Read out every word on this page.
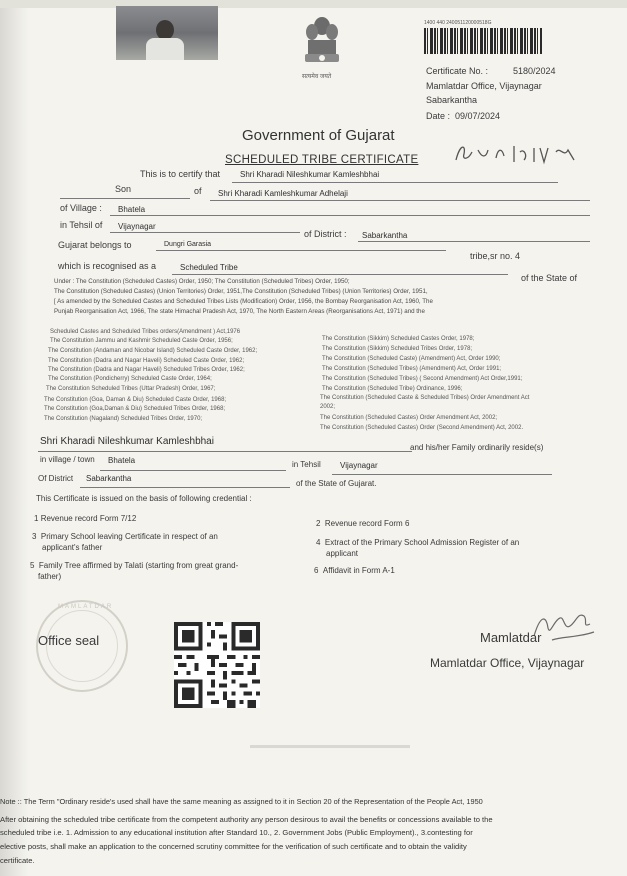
सत्यमेव जयते
1400 440 240051120000518G
Certificate No. :	5180/2024
Mamlatdar Office, Vijaynagar
Sabarkantha
Date : 09/07/2024
Rs No 134 4th
Government of Gujarat
SCHEDULED TRIBE CERTIFICATE
This is to certify that Shri Kharadi Nileshkumar Kamleshbhai
Son	of Shri Kharadi Kamleshkumar Adhelaji
of Village : Bhatela
in Tehsil of Vijaynagar
of District : Sabarkantha
Gujarat belongs to	Dungri Garasia
tribe,sr no. 4
which is recognised as a	Scheduled Tribe
of the State of
Under : The Constitution (Scheduled Castes) Order, 1950; The Constitution (Scheduled Tribes) Order, 1950;
The Constitution (Scheduled Castes) (Union Territories) Order, 1951,The Constitution (Scheduled Tribes) (Union Territories) Order, 1951,
[ As amended by the Scheduled Castes and Scheduled Tribes Lists (Modification) Order, 1956, the Bombay Reorganisation Act, 1960, The
Punjab Reorganisation Act, 1966, The state Himachal Pradesh Act, 1970, The North Eastern Areas (Reorganisations Act, 1971) and the
Scheduled Castes and Scheduled Tribes orders(Amendment ) Act,1976
The Constitution Jammu and Kashmir Scheduled Caste Order, 1956;
The Constitution (Andaman and Nicobar Island) Scheduled Caste Order, 1962;
The Constitution (Dadra and Nagar Haveli) Scheduled Caste Order, 1962;
The Constitution (Dadra and Nagar Haveli) Scheduled Tribes Order, 1962;
The Constitution (Pondicherry) Scheduled Caste Order, 1964;
The Constitution Scheduled Tribes (Uttar Pradesh) Order, 1967;
The Constitution (Goa, Daman & Diu) Scheduled Caste Order, 1968;
The Constitution (Goa,Daman & Diu) Scheduled Tribes Order, 1968;
The Constitution (Nagaland) Scheduled Tribes Order, 1970;
The Constitution (Sikkim) Scheduled Castes Order, 1978;
The Constitution (Sikkim) Scheduled Tribes Order, 1978;
The Constitution (Scheduled Caste) (Amendment) Act, Order 1990;
The Constitution (Scheduled Tribes) (Amendment) Act, Order 1991;
The Constitution (Scheduled Tribes) ( Second Amendment) Act Order,1991;
The Constitution (Scheduled Tribe) Ordinance, 1996;
The Constitution (Scheduled Caste & Scheduled Tribes) Order Amendment Act
2002;
The Constitution (Scheduled Castes) Order Amendment Act, 2002;
The Constitution (Scheduled Castes) Order (Second Amendment) Act, 2002.
Shri Kharadi Nileshkumar Kamleshbhai
and his/her Family ordinarily reside(s)
in village / town Bhatela	in Tehsil Vijaynagar
Of District Sabarkantha
of the State of Gujarat.
This Certificate is issued on the basis of following credential :
1 Revenue record Form 7/12
2 Revenue record Form 6
3 Primary School leaving Certificate in respect of an
applicant's father
4 Extract of the Primary School Admission Register of an
applicant
5 Family Tree affirmed by Talati (starting from great grand-
father)
6 Affidavit in Form A-1
MAMLATDAR
Office seal	Mamlatdar
Mamlatdar Office, Vijaynagar
Note :: The Term "Ordinary reside's used shall have the same meaning as assigned to it in Section 20 of the Representation of the People Act, 1950
After obtaining the scheduled tribe certificate from the competent authority any person desirous to avail the benefits or concessions available to the
scheduled tribe i.e. 1. Admission to any educational institution after Standard 10., 2. Government Jobs (Public Employment)., 3.contesting for
elective posts, shall make an application to the concerned scrutiny committee for the verification of such certificate and to obtain the validity
certificate.
